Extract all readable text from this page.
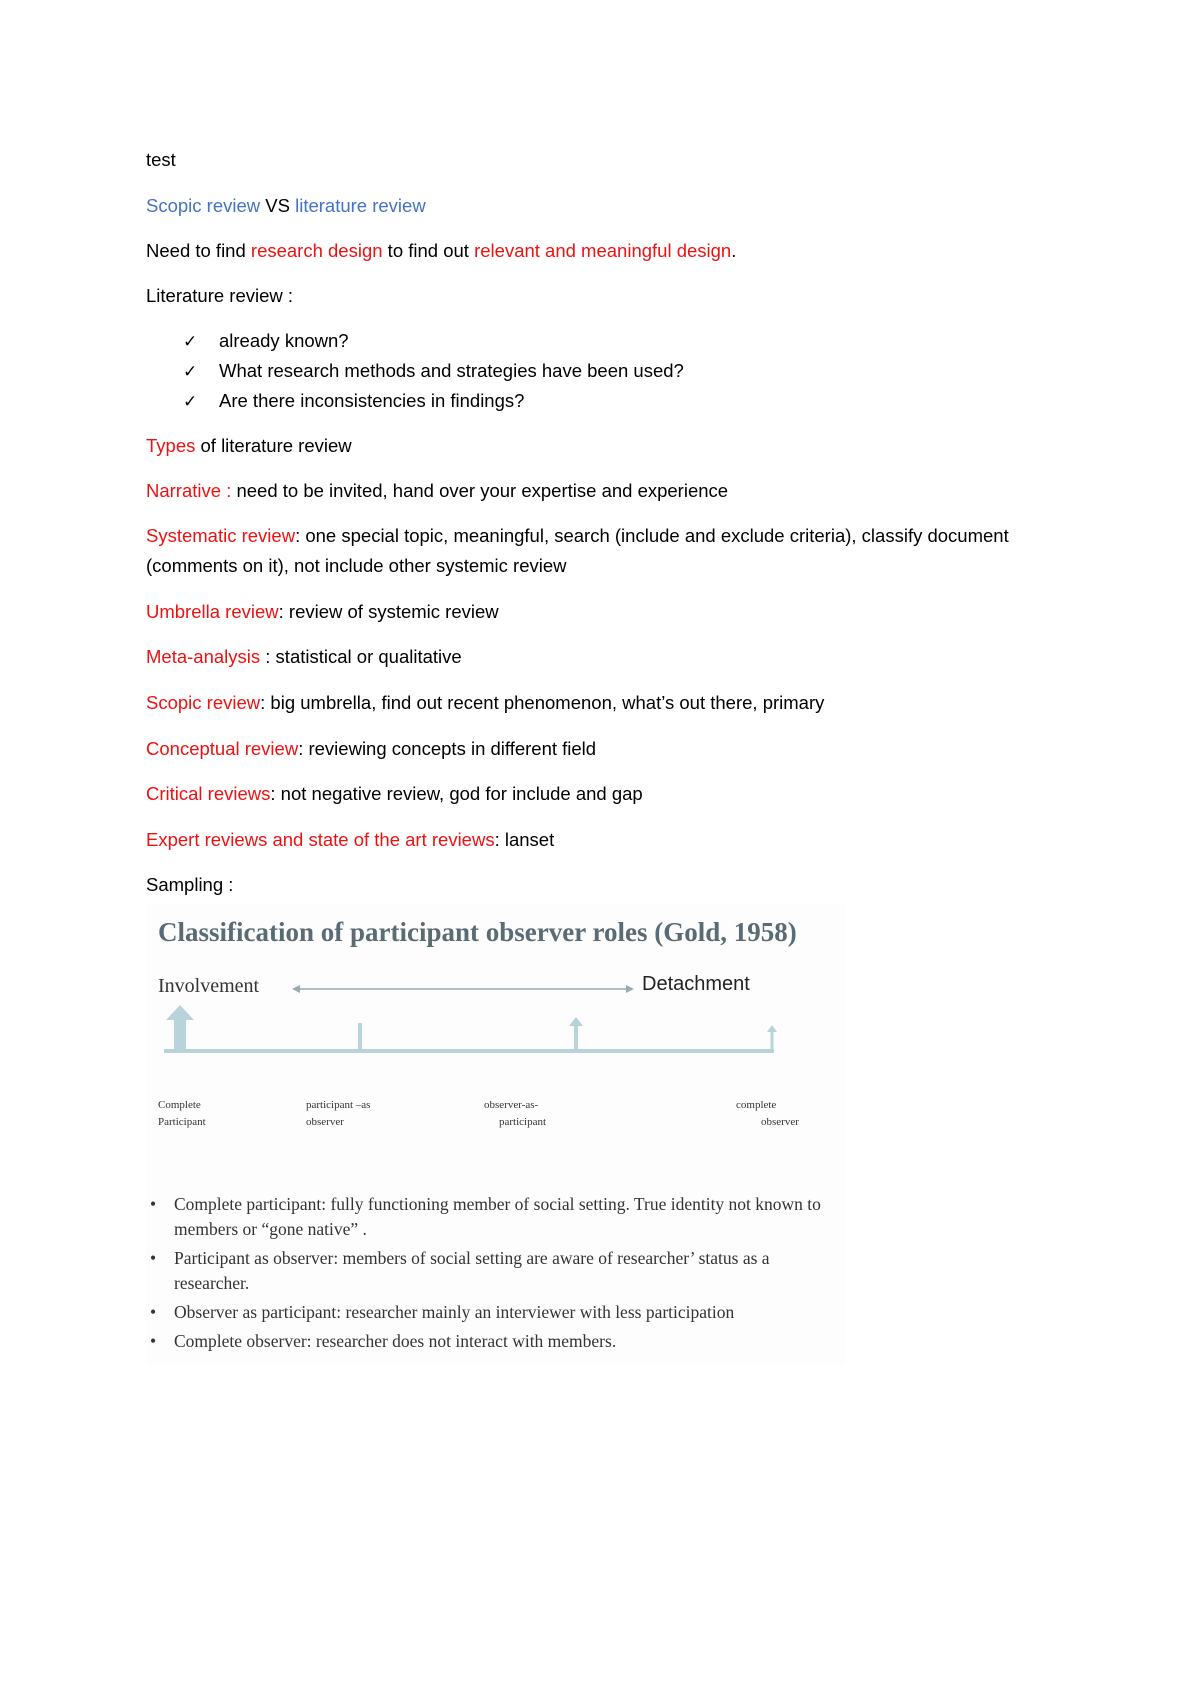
test
Scopic review VS literature review
Need to find research design to find out relevant and meaningful design.
Literature review :
✓ already known?
✓ What research methods and strategies have been used?
✓ Are there inconsistencies in findings?
Types of literature review
Narrative : need to be invited, hand over your expertise and experience
Systematic review: one special topic, meaningful, search (include and exclude criteria), classify document (comments on it), not include other systemic review
Umbrella review: review of systemic review
Meta-analysis : statistical or qualitative
Scopic review: big umbrella, find out recent phenomenon, what’s out there, primary
Conceptual review: reviewing concepts in different field
Critical reviews: not negative review, god for include and gap
Expert reviews and state of the art reviews: lanset
Sampling :
Classification of participant observer roles (Gold, 1958)
Involvement	Detachment
Complete
Participant
participant –as
observer
observer-as-
participant
complete
observer
• Complete participant: fully functioning member of social setting. True identity not known to members or “gone native” .
• Participant as observer: members of social setting are aware of researcher’ status as a researcher.
• Observer as participant: researcher mainly an interviewer with less participation
• Complete observer: researcher does not interact with members.
